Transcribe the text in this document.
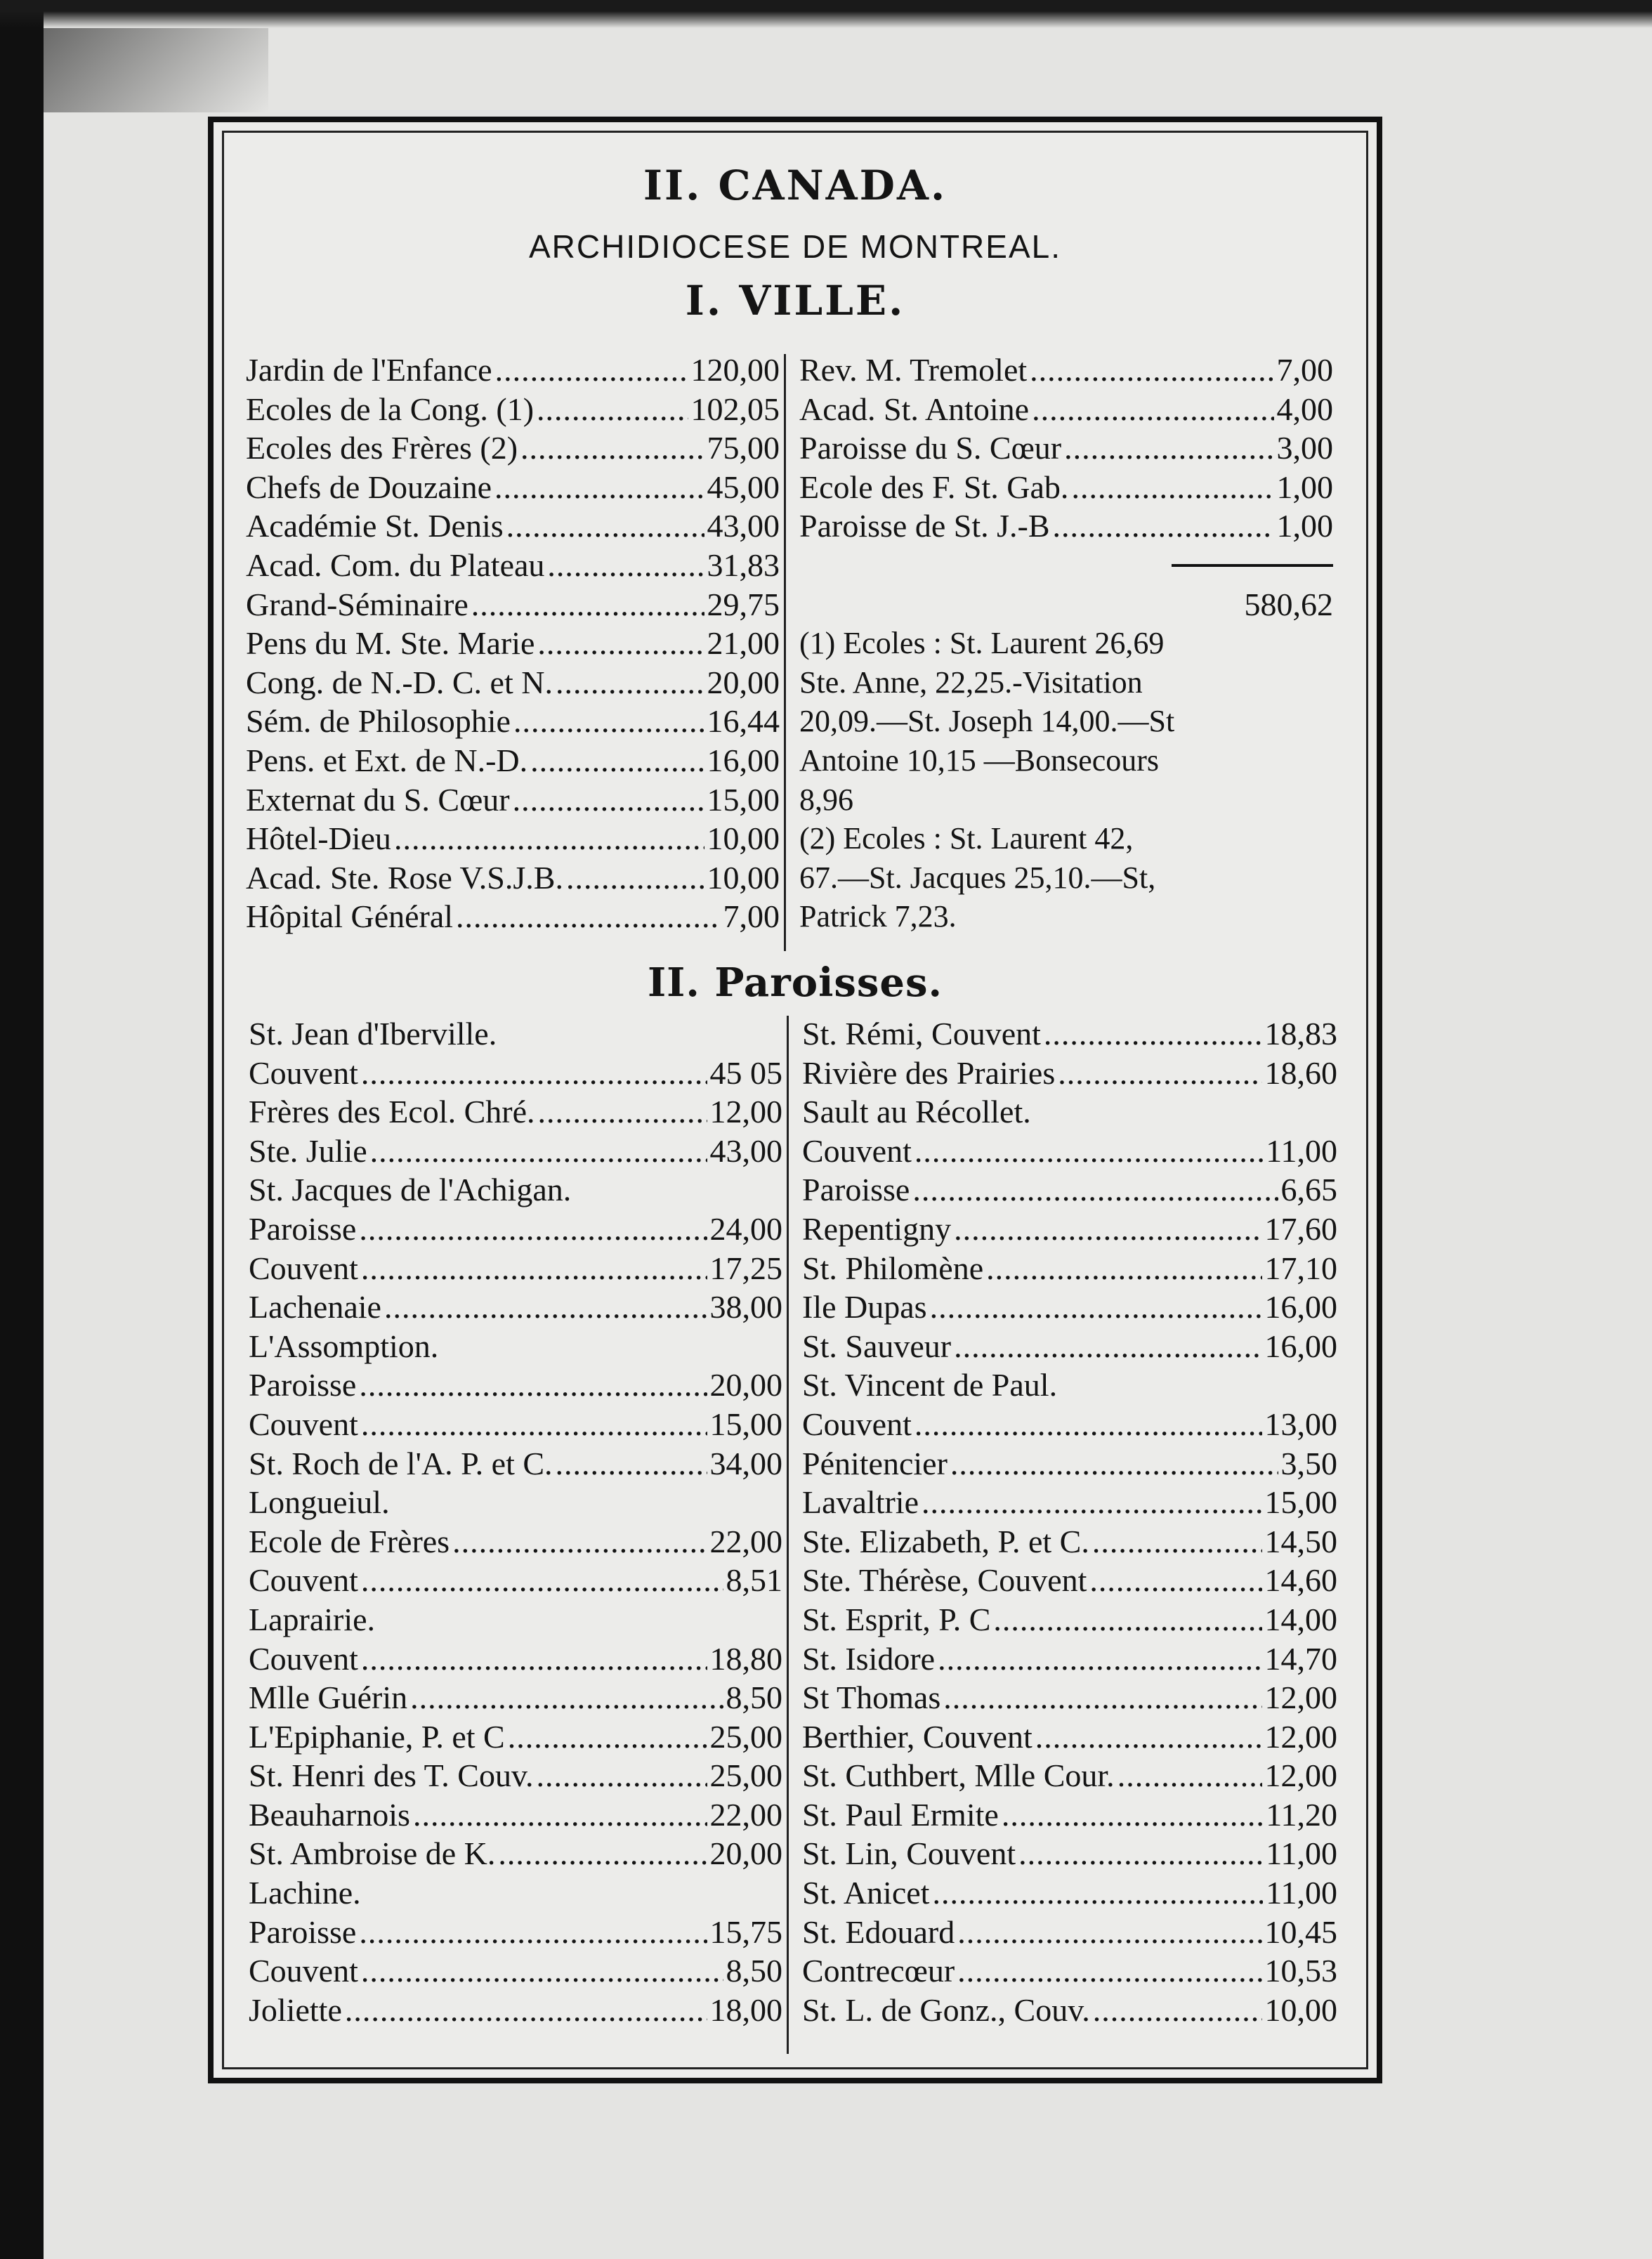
II. CANADA.
ARCHIDIOCESE DE MONTREAL.
I. VILLE.
Jardin de l'Enfance .....	120,00
Ecoles de la Cong. (1) .....	102,05
Ecoles des Frères (2) .....	75,00
Chefs de Douzaine .....	45,00
Académie St. Denis .....	43,00
Acad. Com. du Plateau .....	31,83
Grand-Séminaire .....	29,75
Pens du M. Ste. Marie .....	21,00
Cong. de N.-D. C. et N. .....	20,00
Sém. de Philosophie .....	16,44
Pens. et Ext. de N.-D. .....	16,00
Externat du S. Cœur .....	15,00
Hôtel-Dieu .....	10,00
Acad. Ste. Rose V.S.J.B. .....	10,00
Hôpital Général .....	7,00
Rev. M. Tremolet .....	7,00
Acad. St. Antoine .....	4,00
Paroisse du S. Cœur .....	3,00
Ecole des F. St. Gab. .....	1,00
Paroisse de St. J.-B .....	1,00
580,62
(1) Ecoles : St. Laurent 26,69
Ste. Anne, 22,25.-Visitation
20,09.—St. Joseph 14,00.—St
Antoine 10,15 —Bonsecours
8,96
(2) Ecoles : St. Laurent 42,
67.—St. Jacques 25,10.—St,
Patrick 7,23.
II. Paroisses.
St. Jean d'Iberville.
Couvent .....	45 05
Frères des Ecol. Chré. .....	12,00
Ste. Julie .....	43,00
St. Jacques de l'Achigan.
Paroisse .....	24,00
Couvent .....	17,25
Lachenaie .....	38,00
L'Assomption.
Paroisse .....	20,00
Couvent .....	15,00
St. Roch de l'A. P. et C. .....	34,00
Longueiul.
Ecole de Frères .....	22,00
Couvent .....	8,51
Laprairie.
Couvent .....	18,80
Mlle Guérin .....	8,50
L'Epiphanie, P. et C .....	25,00
St. Henri des T. Couv. .....	25,00
Beauharnois .....	22,00
St. Ambroise de K. .....	20,00
Lachine.
Paroisse .....	15,75
Couvent .....	8,50
Joliette .....	18,00
St. Rémi, Couvent .....	18,83
Rivière des Prairies .....	18,60
Sault au Récollet.
Couvent .....	11,00
Paroisse .....	6,65
Repentigny .....	17,60
St. Philomène .....	17,10
Ile Dupas .....	16,00
St. Sauveur .....	16,00
St. Vincent de Paul.
Couvent .....	13,00
Pénitencier .....	3,50
Lavaltrie .....	15,00
Ste. Elizabeth, P. et C. .....	14,50
Ste. Thérèse, Couvent .....	14,60
St. Esprit, P. C .....	14,00
St. Isidore .....	14,70
St Thomas .....	12,00
Berthier, Couvent .....	12,00
St. Cuthbert, Mlle Cour. .....	12,00
St. Paul Ermite .....	11,20
St. Lin, Couvent .....	11,00
St. Anicet .....	11,00
St. Edouard .....	10,45
Contrecœur .....	10,53
St. L. de Gonz., Couv. .....	10,00
